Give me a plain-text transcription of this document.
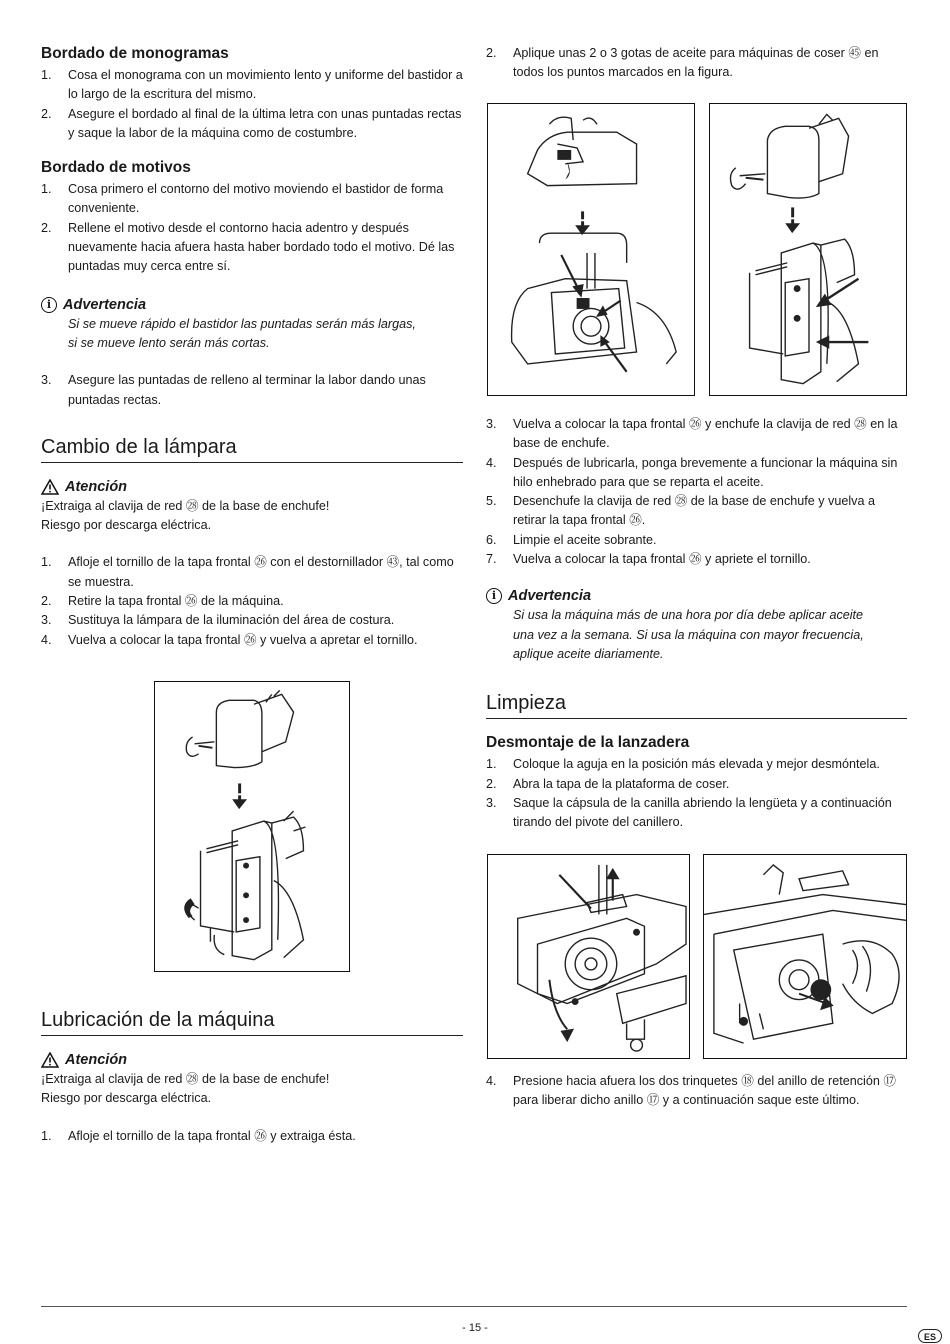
Bordado de monogramas
1. Cosa el monograma con un movimiento lento y uniforme del bastidor a lo largo de la escritura del mismo.
2. Asegure el bordado al final de la última letra con unas puntadas rectas y saque la labor de la máquina como de costumbre.
Bordado de motivos
1. Cosa primero el contorno del motivo moviendo el bastidor de forma conveniente.
2. Rellene el motivo desde el contorno hacia adentro y después nuevamente hacia afuera hasta haber bordado todo el motivo. Dé las puntadas muy cerca entre sí.
i Advertencia

Si se mueve rápido el bastidor las puntadas serán más largas, si se mueve lento serán más cortas.

3. Asegure las puntadas de relleno al terminar la labor dando unas puntadas rectas.
Cambio de la lámpara
Atención

¡Extraiga al clavija de red ㉘ de la base de enchufe!

Riesgo por descarga eléctrica.

1. Afloje el tornillo de la tapa frontal ㉖ con el destornillador ㊸, tal como se muestra.
2. Retire la tapa frontal ㉖ de la máquina.
3. Sustituya la lámpara de la iluminación del área de costura.
4. Vuelva a colocar la tapa frontal ㉖ y vuelva a apretar el tornillo.
Lubricación de la máquina
Atención

¡Extraiga al clavija de red ㉘ de la base de enchufe!

Riesgo por descarga eléctrica.

1. Afloje el tornillo de la tapa frontal ㉖ y extraiga ésta.
2. Aplique unas 2 o 3 gotas de aceite para máquinas de coser ㊺ en todos los puntos marcados en la figura.
3. Vuelva a colocar la tapa frontal ㉖ y enchufe la clavija de red ㉘ en la base de enchufe.
4. Después de lubricarla, ponga brevemente a funcionar la máquina sin hilo enhebrado para que se reparta el aceite.
5. Desenchufe la clavija de red ㉘ de la base de enchufe y vuelva a retirar la tapa frontal ㉖.
6. Limpie el aceite sobrante.
7. Vuelva a colocar la tapa frontal ㉖ y apriete el tornillo.
i Advertencia

Si usa la máquina más de una hora por día debe aplicar aceite una vez a la semana. Si usa la máquina con mayor frecuencia, aplique aceite diariamente.

Limpieza
Desmontaje de la lanzadera
1. Coloque la aguja en la posición más elevada y mejor desmóntela.
2. Abra la tapa de la plataforma de coser.
3. Saque la cápsula de la canilla abriendo la lengüeta y a continuación tirando del pivote del canillero.
4. Presione hacia afuera los dos trinquetes ⑱ del anillo de retención ⑰ para liberar dicho anillo ⑰ y a continuación saque este último.
- 15 -
ES
